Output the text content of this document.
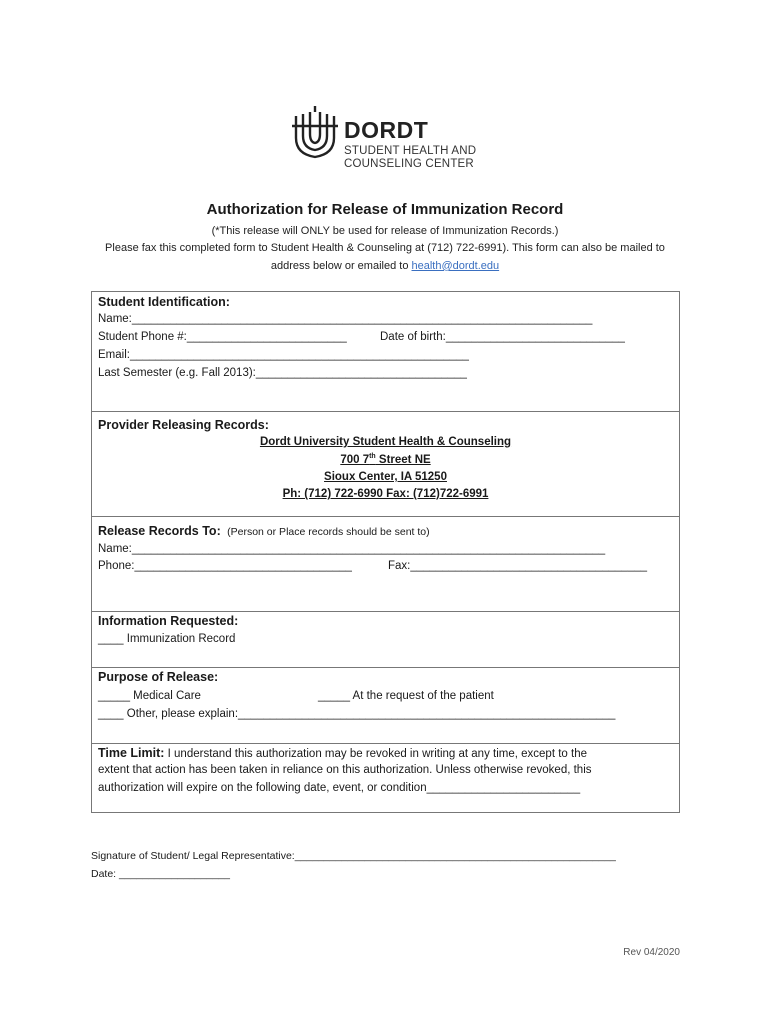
DORDT
STUDENT HEALTH AND
COUNSELING CENTER
Authorization for Release of Immunization Record
(*This release will ONLY be used for release of Immunization Records.)
Please fax this completed form to Student Health & Counseling at (712) 722-6991). This form can also be mailed to
address below or emailed to health@dordt.edu
Student Identification:
Name:________________________________________________________________________
Student Phone #:_________________________	Date of birth:____________________________
Email:_____________________________________________________
Last Semester (e.g. Fall 2013):_________________________________
Provider Releasing Records:
Dordt University Student Health & Counseling
700 7th Street NE
Sioux Center, IA 51250
Ph: (712) 722-6990 Fax: (712)722-6991
Release Records To: (Person or Place records should be sent to)
Name:__________________________________________________________________________
Phone:__________________________________	Fax:_____________________________________
Information Requested:
____ Immunization Record
Purpose of Release:
_____ Medical Care	_____ At the request of the patient
____ Other, please explain:___________________________________________________________
Time Limit: I understand this authorization may be revoked in writing at any time, except to the
extent that action has been taken in reliance on this authorization. Unless otherwise revoked, this
authorization will expire on the following date, event, or condition________________________
Signature of Student/ Legal Representative:_______________________________________________________
Date: ___________________
Rev 04/2020
